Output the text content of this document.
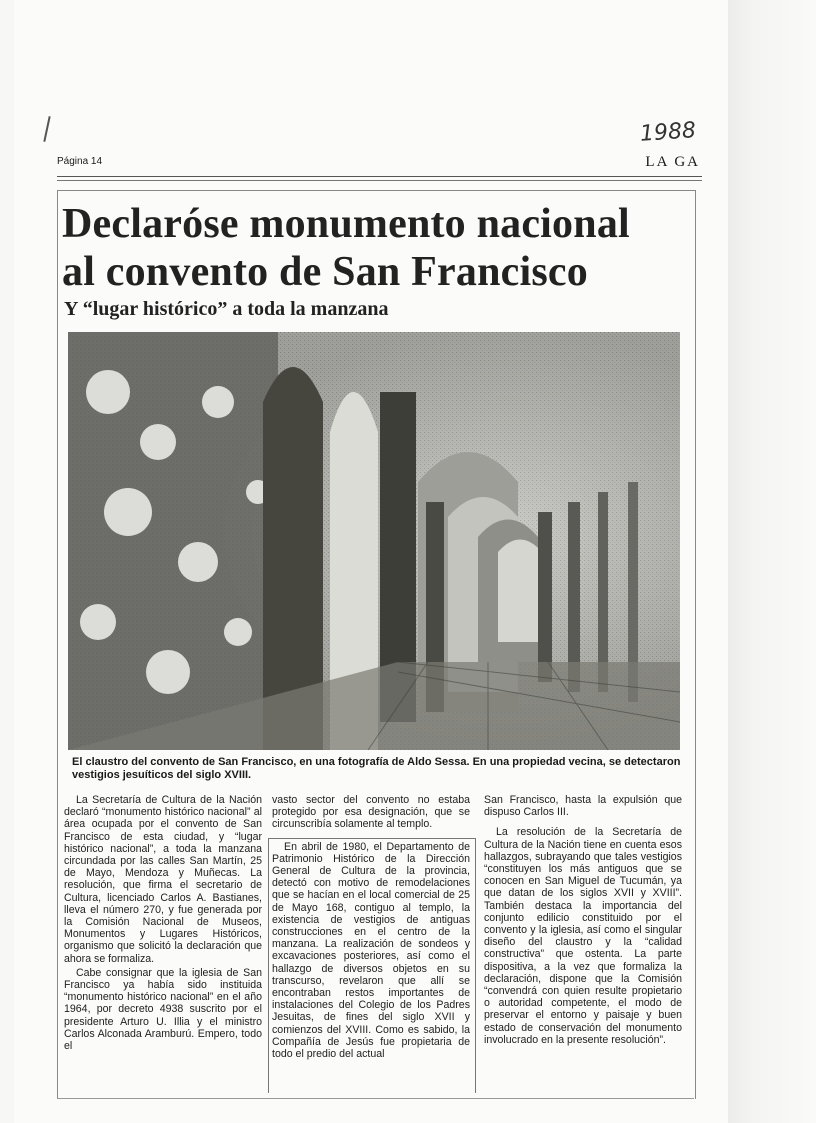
1988
Página 14	LA GA
Declaróse monumento nacional
al convento de San Francisco
Y “lugar histórico” a toda la manzana

El claustro del convento de San Francisco, en una fotografía de Aldo Sessa. En una propiedad vecina, se detectaron vestigios jesuíticos del siglo XVIII.

La Secretaría de Cultura de la Nación declaró “monumento histórico nacional” al área ocupada por el convento de San Francisco de esta ciudad, y “lugar histórico nacional”, a toda la manzana circundada por las calles San Martín, 25 de Mayo, Mendoza y Muñecas. La resolución, que firma el secretario de Cultura, licenciado Carlos A. Bastianes, lleva el número 270, y fue generada por la Comisión Nacional de Museos, Monumentos y Lugares Históricos, organismo que solicitó la declaración que ahora se formaliza.

Cabe consignar que la iglesia de San Francisco ya había sido instituida “monumento histórico nacional” en el año 1964, por decreto 4938 suscrito por el presidente Arturo U. Illia y el ministro Carlos Alconada Aramburú. Empero, todo el

vasto sector del convento no estaba protegido por esa designación, que se circunscribía solamente al templo.

En abril de 1980, el Departamento de Patrimonio Histórico de la Dirección General de Cultura de la provincia, detectó con motivo de remodelaciones que se hacían en el local comercial de 25 de Mayo 168, contiguo al templo, la existencia de vestigios de antiguas construcciones en el centro de la manzana. La realización de sondeos y excavaciones posteriores, así como el hallazgo de diversos objetos en su transcurso, revelaron que allí se encontraban restos importantes de instalaciones del Colegio de los Padres Jesuitas, de fines del siglo XVII y comienzos del XVIII. Como es sabido, la Compañía de Jesús fue propietaria de todo el predio del actual

San Francisco, hasta la expulsión que dispuso Carlos III.

La resolución de la Secretaría de Cultura de la Nación tiene en cuenta esos hallazgos, subrayando que tales vestigios “constituyen los más antiguos que se conocen en San Miguel de Tucumán, ya que datan de los siglos XVII y XVIII”. También destaca la importancia del conjunto edilicio constituido por el convento y la iglesia, así como el singular diseño del claustro y la “calidad constructiva” que ostenta. La parte dispositiva, a la vez que formaliza la declaración, dispone que la Comisión “convendrá con quien resulte propietario o autoridad competente, el modo de preservar el entorno y paisaje y buen estado de conservación del monumento involucrado en la presente resolución”.
